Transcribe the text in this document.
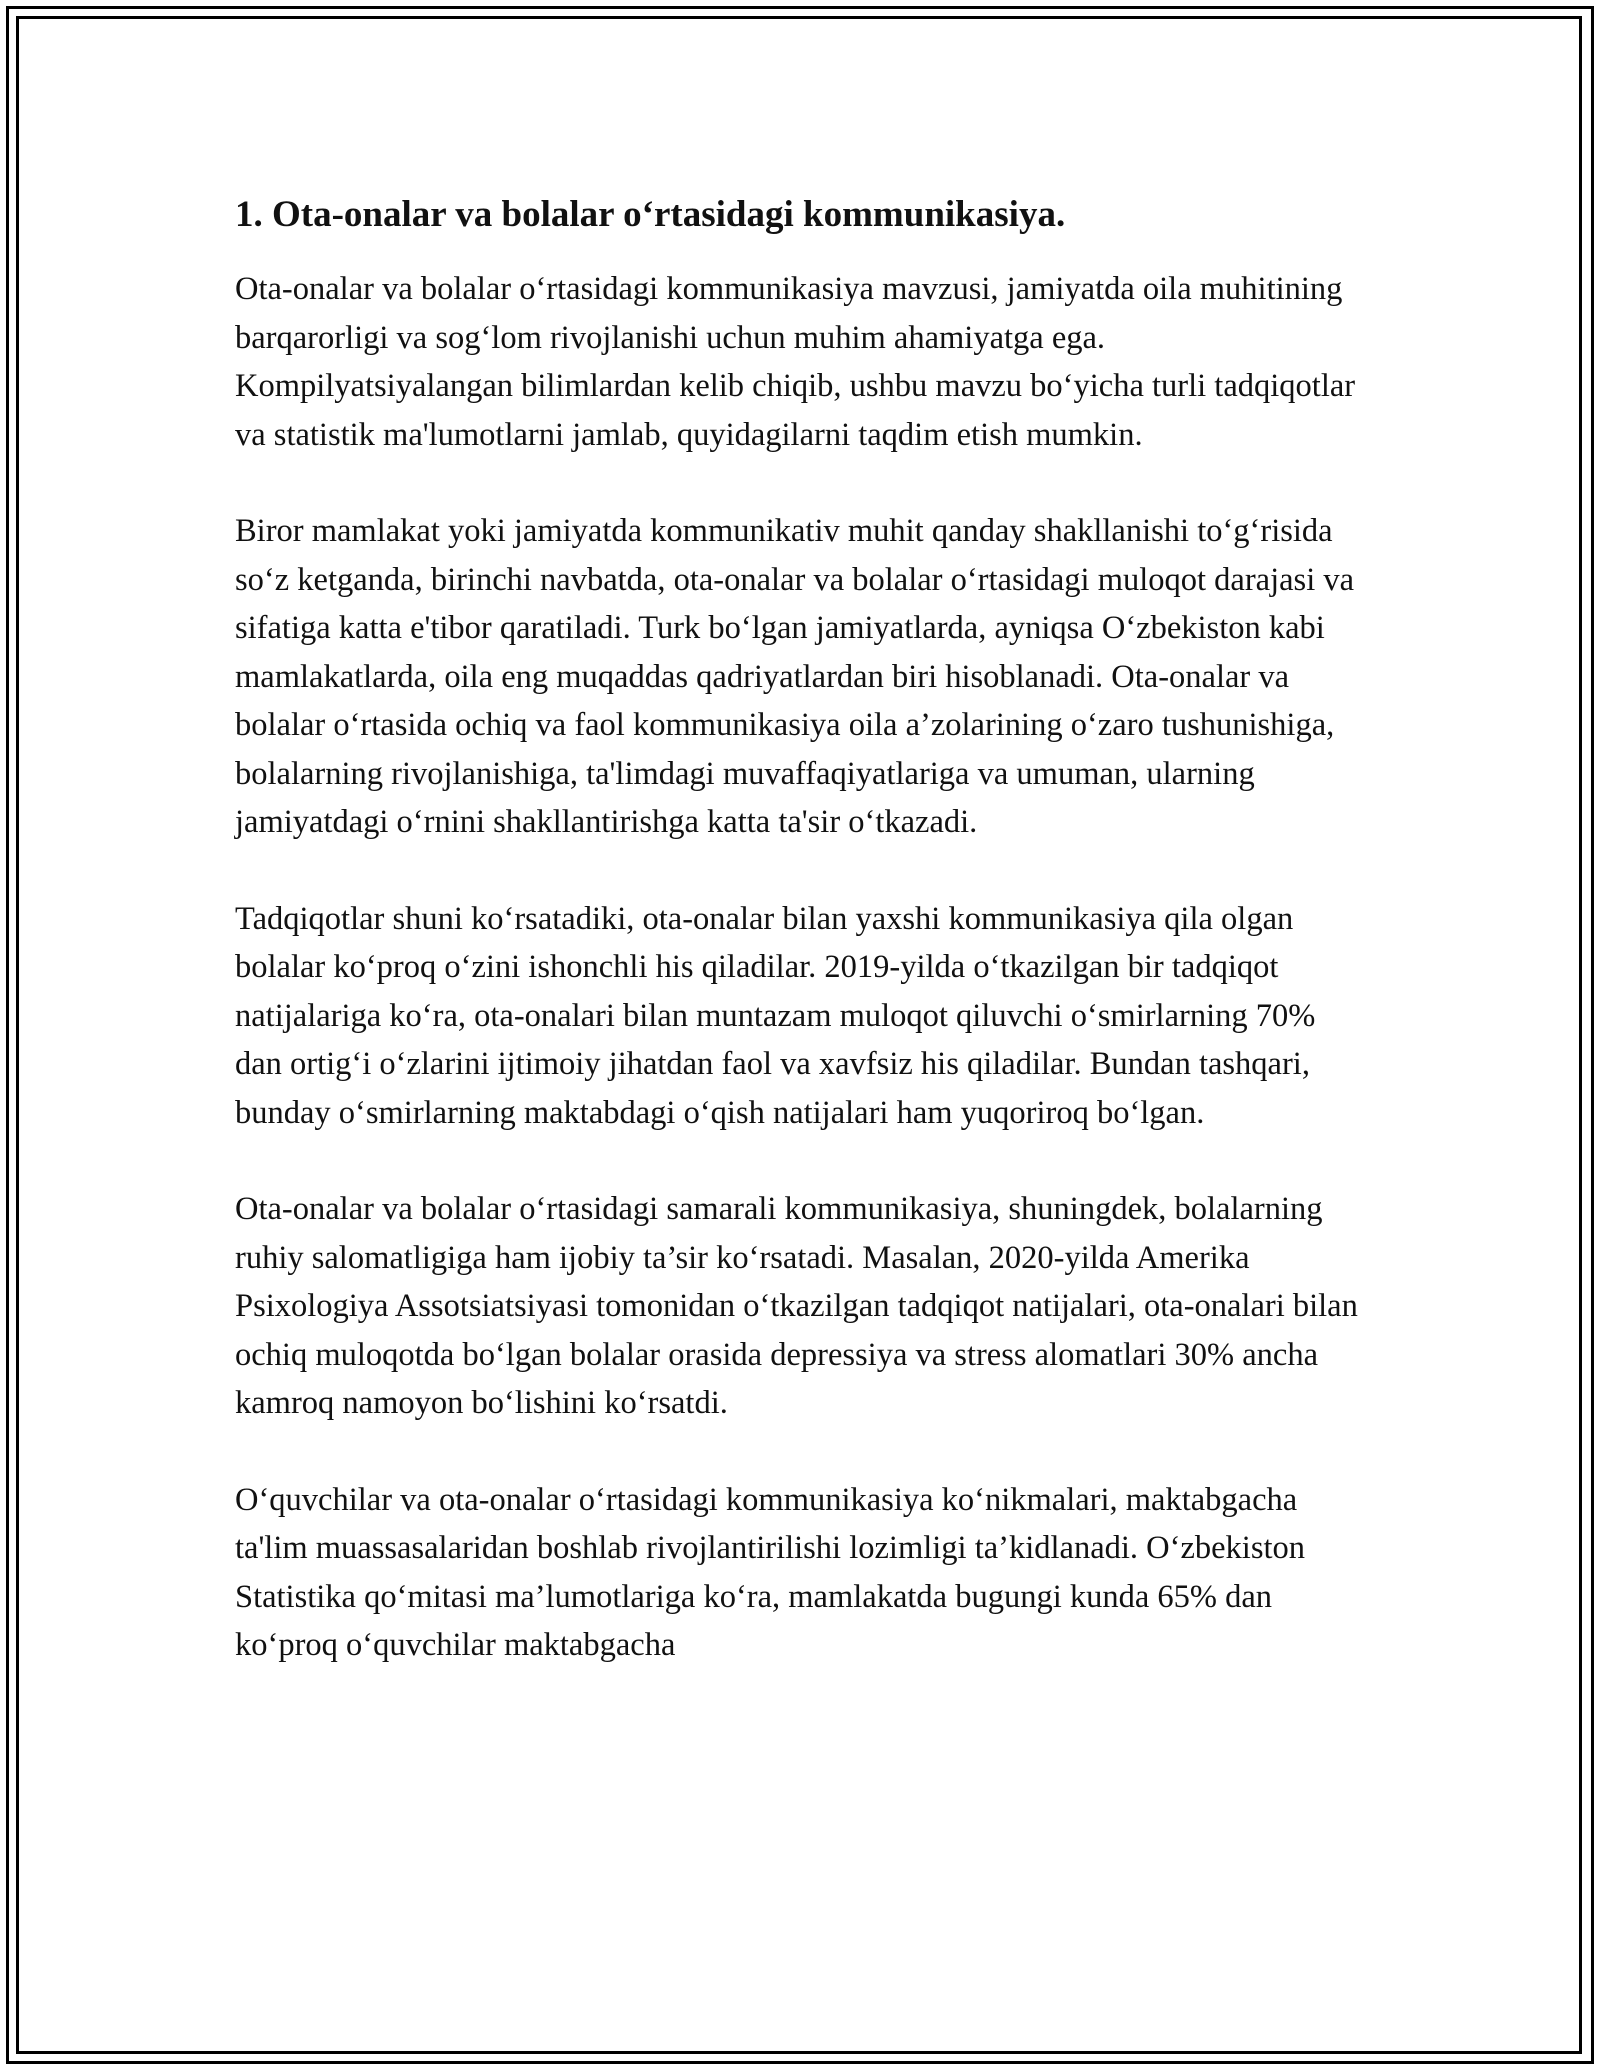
1. Ota-onalar va bolalar o‘rtasidagi kommunikasiya.

Ota-onalar va bolalar o‘rtasidagi kommunikasiya mavzusi, jamiyatda oila muhitining barqarorligi va sog‘lom rivojlanishi uchun muhim ahamiyatga ega. Kompilyatsiyalangan bilimlardan kelib chiqib, ushbu mavzu bo‘yicha turli tadqiqotlar va statistik ma'lumotlarni jamlab, quyidagilarni taqdim etish mumkin.

Biror mamlakat yoki jamiyatda kommunikativ muhit qanday shakllanishi to‘g‘risida so‘z ketganda, birinchi navbatda, ota-onalar va bolalar o‘rtasidagi muloqot darajasi va sifatiga katta e'tibor qaratiladi. Turk bo‘lgan jamiyatlarda, ayniqsa O‘zbekiston kabi mamlakatlarda, oila eng muqaddas qadriyatlardan biri hisoblanadi. Ota-onalar va bolalar o‘rtasida ochiq va faol kommunikasiya oila a’zolarining o‘zaro tushunishiga, bolalarning rivojlanishiga, ta'limdagi muvaffaqiyatlariga va umuman, ularning jamiyatdagi o‘rnini shakllantirishga katta ta'sir o‘tkazadi.

Tadqiqotlar shuni ko‘rsatadiki, ota-onalar bilan yaxshi kommunikasiya qila olgan bolalar ko‘proq o‘zini ishonchli his qiladilar. 2019-yilda o‘tkazilgan bir tadqiqot natijalariga ko‘ra, ota-onalari bilan muntazam muloqot qiluvchi o‘smirlarning 70% dan ortig‘i o‘zlarini ijtimoiy jihatdan faol va xavfsiz his qiladilar. Bundan tashqari, bunday o‘smirlarning maktabdagi o‘qish natijalari ham yuqoriroq bo‘lgan.

Ota-onalar va bolalar o‘rtasidagi samarali kommunikasiya, shuningdek, bolalarning ruhiy salomatligiga ham ijobiy ta’sir ko‘rsatadi. Masalan, 2020-yilda Amerika Psixologiya Assotsiatsiyasi tomonidan o‘tkazilgan tadqiqot natijalari, ota-onalari bilan ochiq muloqotda bo‘lgan bolalar orasida depressiya va stress alomatlari 30% ancha kamroq namoyon bo‘lishini ko‘rsatdi.

O‘quvchilar va ota-onalar o‘rtasidagi kommunikasiya ko‘nikmalari, maktabgacha ta'lim muassasalaridan boshlab rivojlantirilishi lozimligi ta’kidlanadi. O‘zbekiston Statistika qo‘mitasi ma’lumotlariga ko‘ra, mamlakatda bugungi kunda 65% dan ko‘proq o‘quvchilar maktabgacha
